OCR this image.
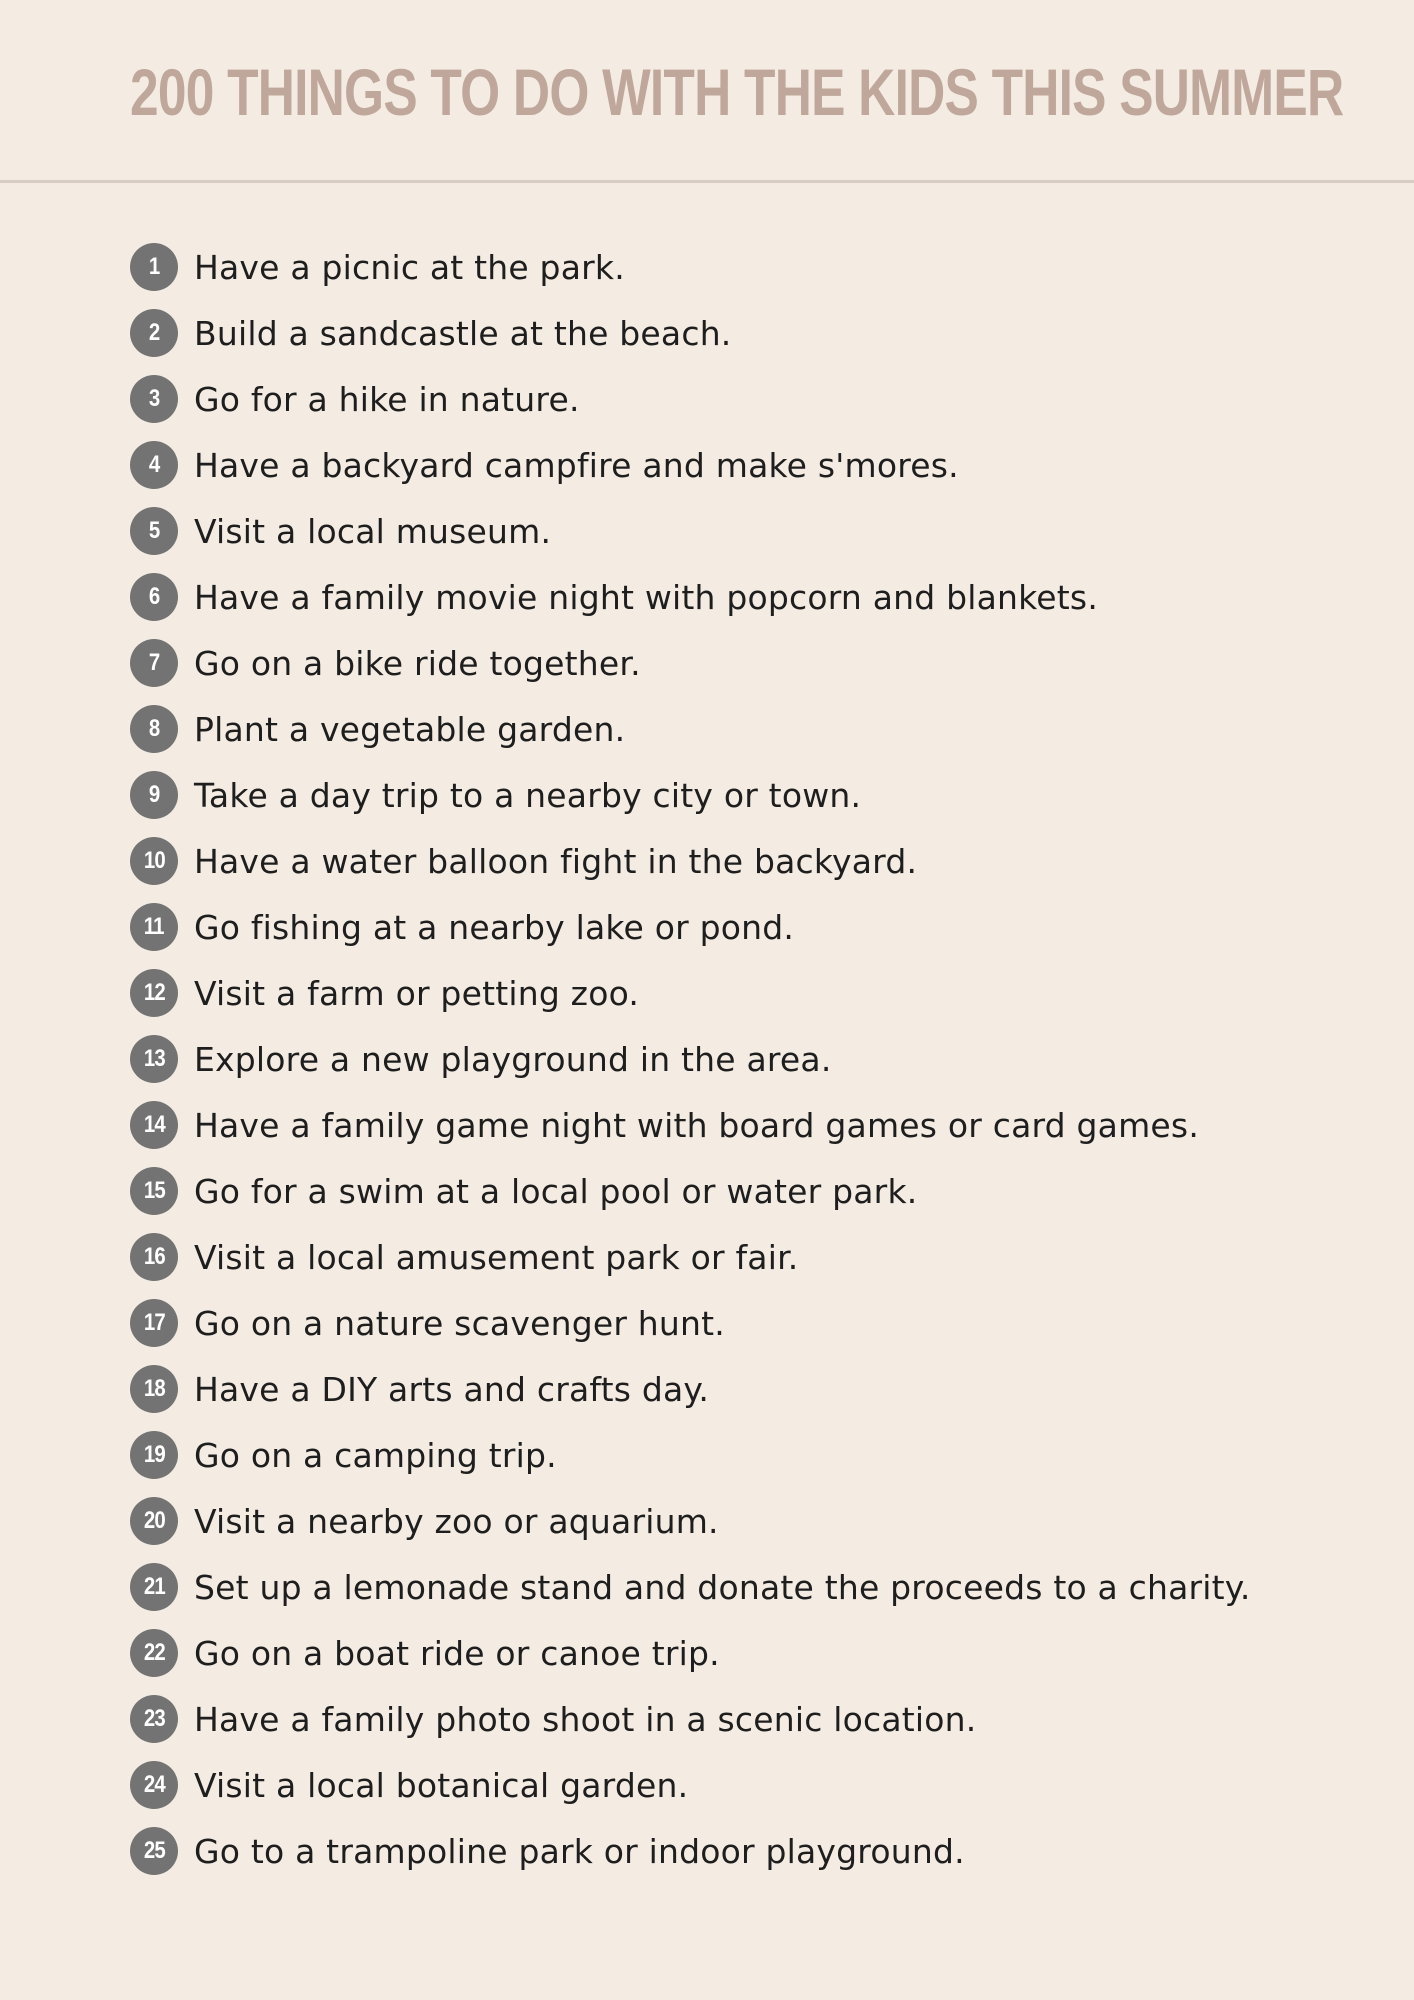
200 THINGS TO DO WITH THE KIDS THIS SUMMER
1 Have a picnic at the park.
2 Build a sandcastle at the beach.
3 Go for a hike in nature.
4 Have a backyard campfire and make s'mores.
5 Visit a local museum.
6 Have a family movie night with popcorn and blankets.
7 Go on a bike ride together.
8 Plant a vegetable garden.
9 Take a day trip to a nearby city or town.
10 Have a water balloon fight in the backyard.
11 Go fishing at a nearby lake or pond.
12 Visit a farm or petting zoo.
13 Explore a new playground in the area.
14 Have a family game night with board games or card games.
15 Go for a swim at a local pool or water park.
16 Visit a local amusement park or fair.
17 Go on a nature scavenger hunt.
18 Have a DIY arts and crafts day.
19 Go on a camping trip.
20 Visit a nearby zoo or aquarium.
21 Set up a lemonade stand and donate the proceeds to a charity.
22 Go on a boat ride or canoe trip.
23 Have a family photo shoot in a scenic location.
24 Visit a local botanical garden.
25 Go to a trampoline park or indoor playground.
